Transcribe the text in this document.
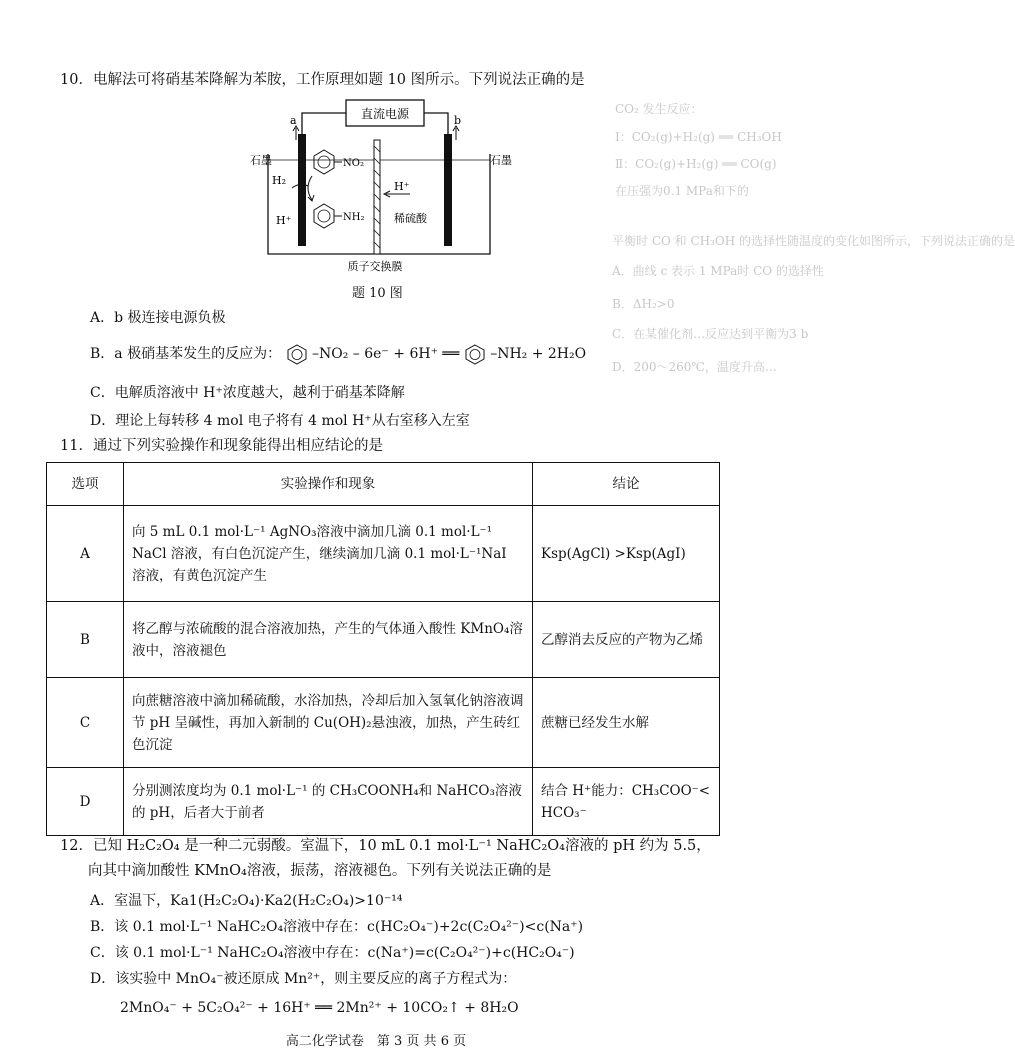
CO₂ 发生反应：
Ⅰ：CO₂(g)+H₂(g) ══ CH₃OH
Ⅱ：CO₂(g)+H₂(g) ══ CO(g)
在压强为0.1 MPa和下的
平衡时 CO 和 CH₃OH 的选择性随温度的变化如图所示，下列说法正确的是
A．曲线 c 表示 1 MPa时 CO 的选择性
B．ΔH₂>0
C．在某催化剂…反应达到平衡为3 b
D．200～260℃，温度升高…
10．电解法可将硝基苯降解为苯胺，工作原理如题 10 图所示。下列说法正确的是
直流电源
a	b
石墨	石墨
H₂
H⁺
H⁺
稀硫酸
NO₂
NH₂
质子交换膜
题 10 图
A．b 极连接电源负极
B．a 极硝基苯发生的反应为： –NO₂ – 6e⁻ + 6H⁺ ══ –NH₂ + 2H₂O
C．电解质溶液中 H⁺浓度越大，越利于硝基苯降解
D．理论上每转移 4 mol 电子将有 4 mol H⁺从右室移入左室
11．通过下列实验操作和现象能得出相应结论的是
选项	实验操作和现象	结论
A	向 5 mL 0.1 mol·L⁻¹ AgNO₃溶液中滴加几滴 0.1 mol·L⁻¹ NaCl 溶液，有白色沉淀产生，继续滴加几滴 0.1 mol·L⁻¹NaI 溶液，有黄色沉淀产生	Ksp(AgCl) >Ksp(AgI)
B	将乙醇与浓硫酸的混合溶液加热，产生的气体通入酸性 KMnO₄溶液中，溶液褪色	乙醇消去反应的产物为乙烯
C	向蔗糖溶液中滴加稀硫酸，水浴加热，冷却后加入氢氧化钠溶液调节 pH 呈碱性，再加入新制的 Cu(OH)₂悬浊液，加热，产生砖红色沉淀	蔗糖已经发生水解
D	分别测浓度均为 0.1 mol·L⁻¹ 的 CH₃COONH₄和 NaHCO₃溶液的 pH，后者大于前者	结合 H⁺能力：CH₃COO⁻< HCO₃⁻
12．已知 H₂C₂O₄ 是一种二元弱酸。室温下，10 mL 0.1 mol·L⁻¹ NaHC₂O₄溶液的 pH 约为 5.5，
向其中滴加酸性 KMnO₄溶液，振荡，溶液褪色。下列有关说法正确的是
A．室温下，Ka1(H₂C₂O₄)·Ka2(H₂C₂O₄)>10⁻¹⁴
B．该 0.1 mol·L⁻¹ NaHC₂O₄溶液中存在：c(HC₂O₄⁻)+2c(C₂O₄²⁻)<c(Na⁺)
C．该 0.1 mol·L⁻¹ NaHC₂O₄溶液中存在：c(Na⁺)=c(C₂O₄²⁻)+c(HC₂O₄⁻)
D．该实验中 MnO₄⁻被还原成 Mn²⁺，则主要反应的离子方程式为：
2MnO₄⁻ + 5C₂O₄²⁻ + 16H⁺ ══ 2Mn²⁺ + 10CO₂↑ + 8H₂O
高二化学试卷　第 3 页 共 6 页
